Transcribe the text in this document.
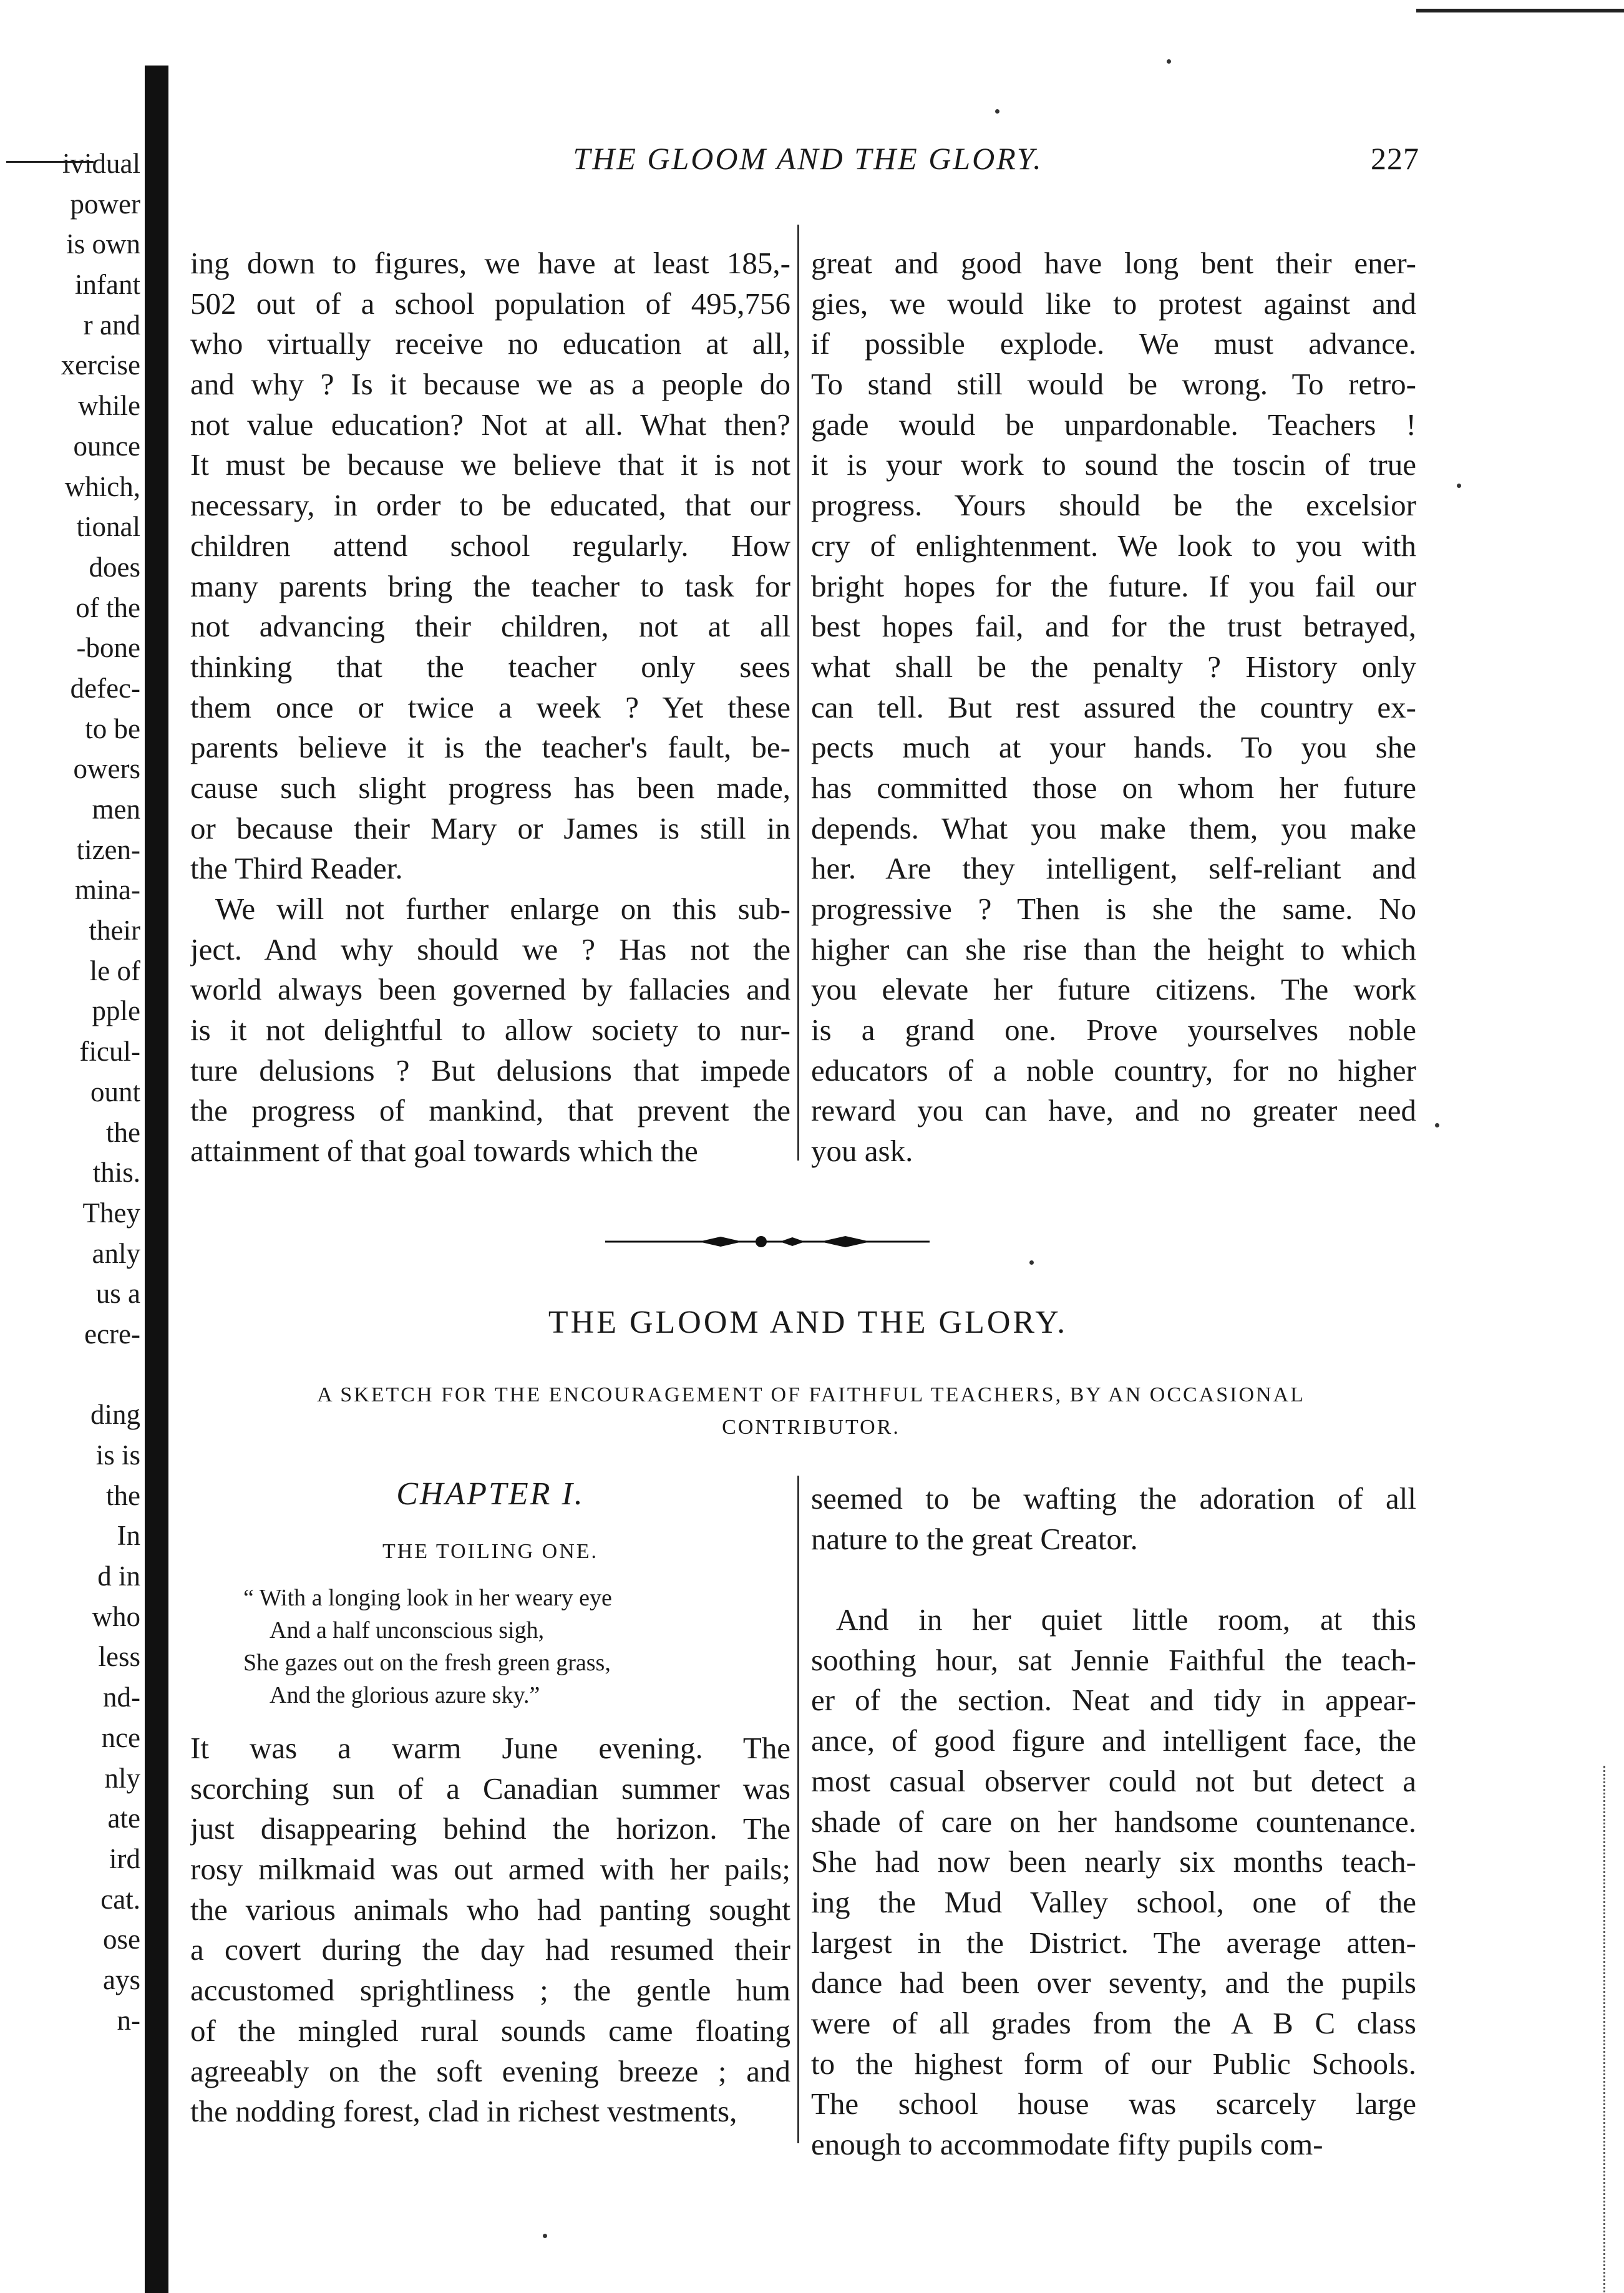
ividual
power
is own
infant
r and
xercise
while
ounce
which,
tional
does
of the
-bone
defec-
to be
owers
men
tizen-
mina-
their
le of
pple
ficul-
ount
the
this.
They
anly
us a
ecre-

ding
is is
the
In
d in
who
less
nd-
nce
nly
ate
ird
cat.
ose
ays
n-
THE GLOOM AND THE GLORY.	227
ing down to figures, we have at least 185,-
502 out of a school population of 495,756
who virtually receive no education at all,
and why ? Is it because we as a people do
not value education? Not at all. What then?
It must be because we believe that it is not
necessary, in order to be educated, that our
children attend school regularly. How
many parents bring the teacher to task for
not advancing their children, not at all
thinking that the teacher only sees
them once or twice a week ? Yet these
parents believe it is the teacher's fault, be-
cause such slight progress has been made,
or because their Mary or James is still in
the Third Reader.
We will not further enlarge on this sub-
ject. And why should we ? Has not the
world always been governed by fallacies and
is it not delightful to allow society to nur-
ture delusions ? But delusions that impede
the progress of mankind, that prevent the
attainment of that goal towards which the
great and good have long bent their ener-
gies, we would like to protest against and
if possible explode. We must advance.
To stand still would be wrong. To retro-
gade would be unpardonable. Teachers !
it is your work to sound the toscin of true
progress. Yours should be the excelsior
cry of enlightenment. We look to you with
bright hopes for the future. If you fail our
best hopes fail, and for the trust betrayed,
what shall be the penalty ? History only
can tell. But rest assured the country ex-
pects much at your hands. To you she
has committed those on whom her future
depends. What you make them, you make
her. Are they intelligent, self-reliant and
progressive ? Then is she the same. No
higher can she rise than the height to which
you elevate her future citizens. The work
is a grand one. Prove yourselves noble
educators of a noble country, for no higher
reward you can have, and no greater need
you ask.
THE GLOOM AND THE GLORY.
A SKETCH FOR THE ENCOURAGEMENT OF FAITHFUL TEACHERS, BY AN OCCASIONAL
CONTRIBUTOR.
CHAPTER I.
THE TOILING ONE.
“ With a longing look in her weary eye
And a half unconscious sigh,
She gazes out on the fresh green grass,
And the glorious azure sky.”
It was a warm June evening. The
scorching sun of a Canadian summer was
just disappearing behind the horizon. The
rosy milkmaid was out armed with her pails;
the various animals who had panting sought
a covert during the day had resumed their
accustomed sprightliness ; the gentle hum
of the mingled rural sounds came floating
agreeably on the soft evening breeze ; and
the nodding forest, clad in richest vestments,
seemed to be wafting the adoration of all
nature to the great Creator.

And in her quiet little room, at this
soothing hour, sat Jennie Faithful the teach-
er of the section. Neat and tidy in appear-
ance, of good figure and intelligent face, the
most casual observer could not but detect a
shade of care on her handsome countenance.
She had now been nearly six months teach-
ing the Mud Valley school, one of the
largest in the District. The average atten-
dance had been over seventy, and the pupils
were of all grades from the A B C class
to the highest form of our Public Schools.
The school house was scarcely large
enough to accommodate fifty pupils com-
